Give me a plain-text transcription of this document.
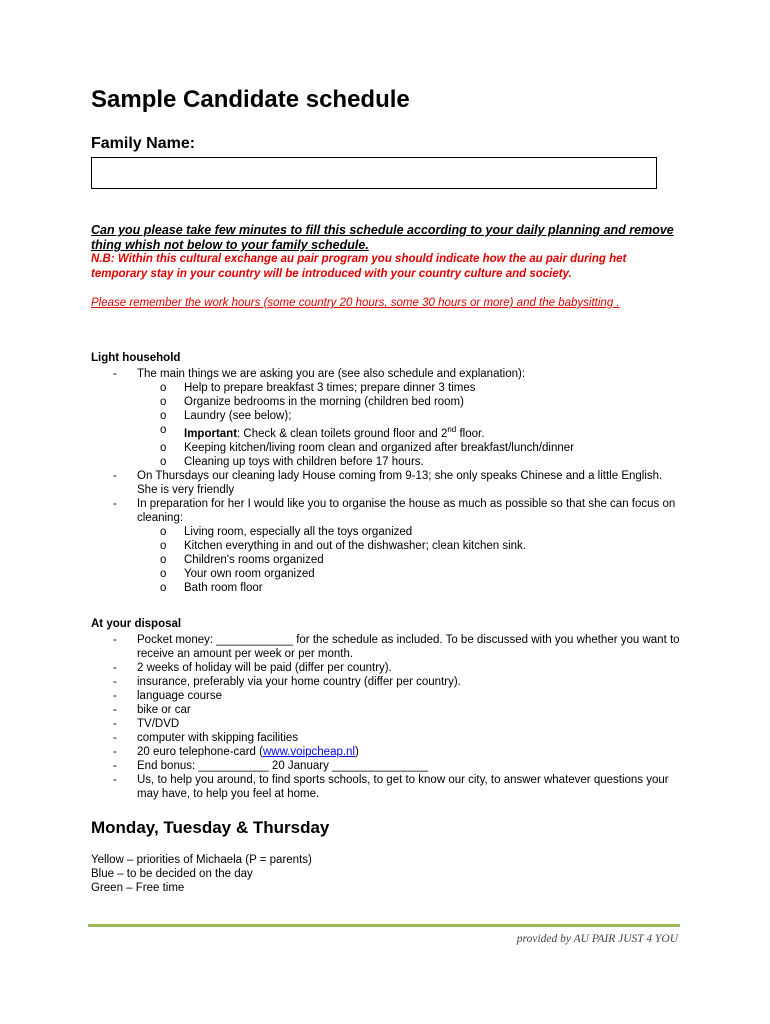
Sample Candidate schedule

Family Name:

Can you please take few minutes to fill this schedule according to your daily planning and remove thing whish not below to your family schedule.
N.B: Within this cultural exchange au pair program you should indicate how the au pair during het temporary stay in your country will be introduced with your country culture and society.
Please remember the work hours (some country 20 hours, some 30 hours or more) and the babysitting .

Light household

- The main things we are asking you are (see also schedule and explanation):
o Help to prepare breakfast 3 times; prepare dinner 3 times
o Organize bedrooms in the morning (children bed room)
o Laundry (see below);
o Important: Check & clean toilets ground floor and 2nd floor.
o Keeping kitchen/living room clean and organized after breakfast/lunch/dinner
o Cleaning up toys with children before 17 hours.
- On Thursdays our cleaning lady House coming from 9-13; she only speaks Chinese and a little English. She is very friendly
- In preparation for her I would like you to organise the house as much as possible so that she can focus on cleaning:
o Living room, especially all the toys organized
o Kitchen everything in and out of the dishwasher; clean kitchen sink.
o Children's rooms organized
o Your own room organized
o Bath room floor

At your disposal

- Pocket money: ____________ for the schedule as included. To be discussed with you whether you want to receive an amount per week or per month.
- 2 weeks of holiday will be paid (differ per country).
- insurance, preferably via your home country (differ per country).
- language course
- bike or car
- TV/DVD
- computer with skipping facilities
- 20 euro telephone-card (www.voipcheap.nl)
- End bonus: ___________ 20 January _______________
- Us, to help you around, to find sports schools, to get to know our city, to answer whatever questions your may have, to help you feel at home.
Monday, Tuesday & Thursday
Yellow – priorities of Michaela (P = parents)
Blue – to be decided on the day
Green – Free time
provided by AU PAIR JUST 4 YOU
